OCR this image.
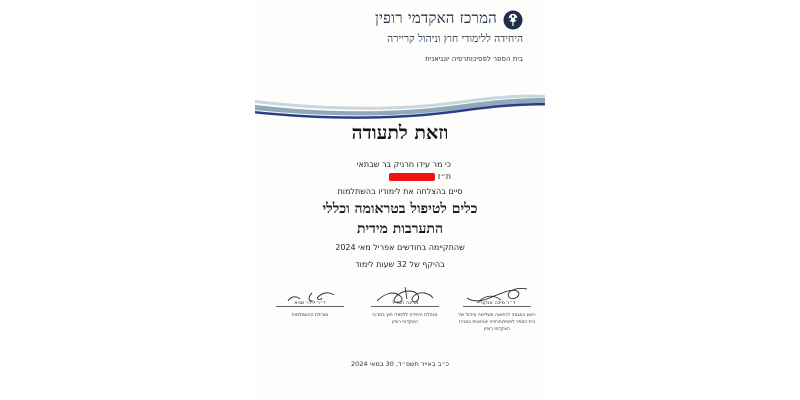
המרכז האקדמי רופין
היחידה ללימודי חוץ וניהול קריירה
בית הספר לפסיכותרפיה יונגיאנית
וזאת לתעודה
כי מר עידו חרניק בר שבתאי
ת״ז
סיים בהצלחה את לימודיו בהשתלמות
כלים לטיפול בטראומה וכללי
התערבות מידית
שהתקיימה בחודשים אפריל מאי 2024
בהיקף של 32 שעות לימוד
ד״ר מיכה אנקורי
ראש המגמה לרפואה משלימה וניהול של בית הספר לפסיכותרפיה יונגיאנית במרכז האקדמי רופין
מרינה הבדיר
מנהלת היחידה ללימודי חוץ במרכז האקדמי רופין
ד״ר לידר שגיא
מובילת ההשתלמות
כ״ב באייר תשפ״ד, 30 במאי 2024
